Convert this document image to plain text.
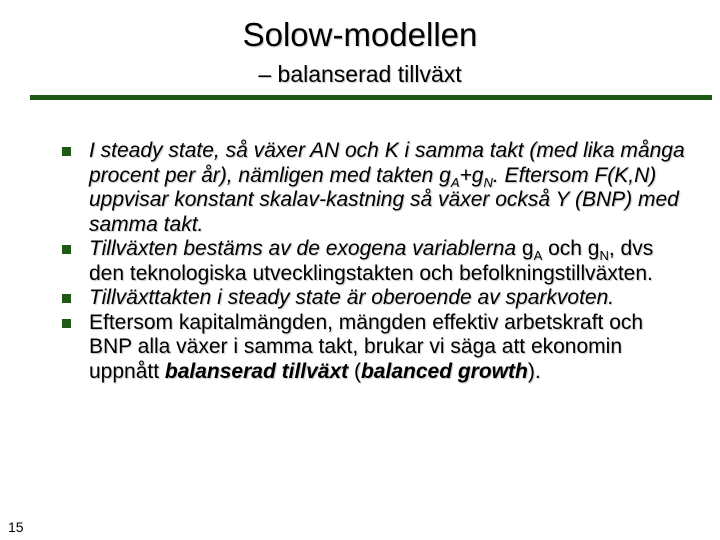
Solow-modellen
– balanserad tillväxt
I steady state, så växer AN och K i samma takt (med lika många procent per år), nämligen med takten $g_A+g_N$. Eftersom F(K,N) uppvisar konstant skalav-kastning så växer också Y (BNP) med samma takt.
Tillväxten bestäms av de exogena variablerna $g_A$ och $g_N$, dvs den teknologiska utvecklingstakten och befolkningstillväxten.
Tillväxttakten i steady state är oberoende av sparkvoten.
Eftersom kapitalmängden, mängden effektiv arbetskraft och BNP alla växer i samma takt, brukar vi säga att ekonomin uppnått balanserad tillväxt (balanced growth).
15
